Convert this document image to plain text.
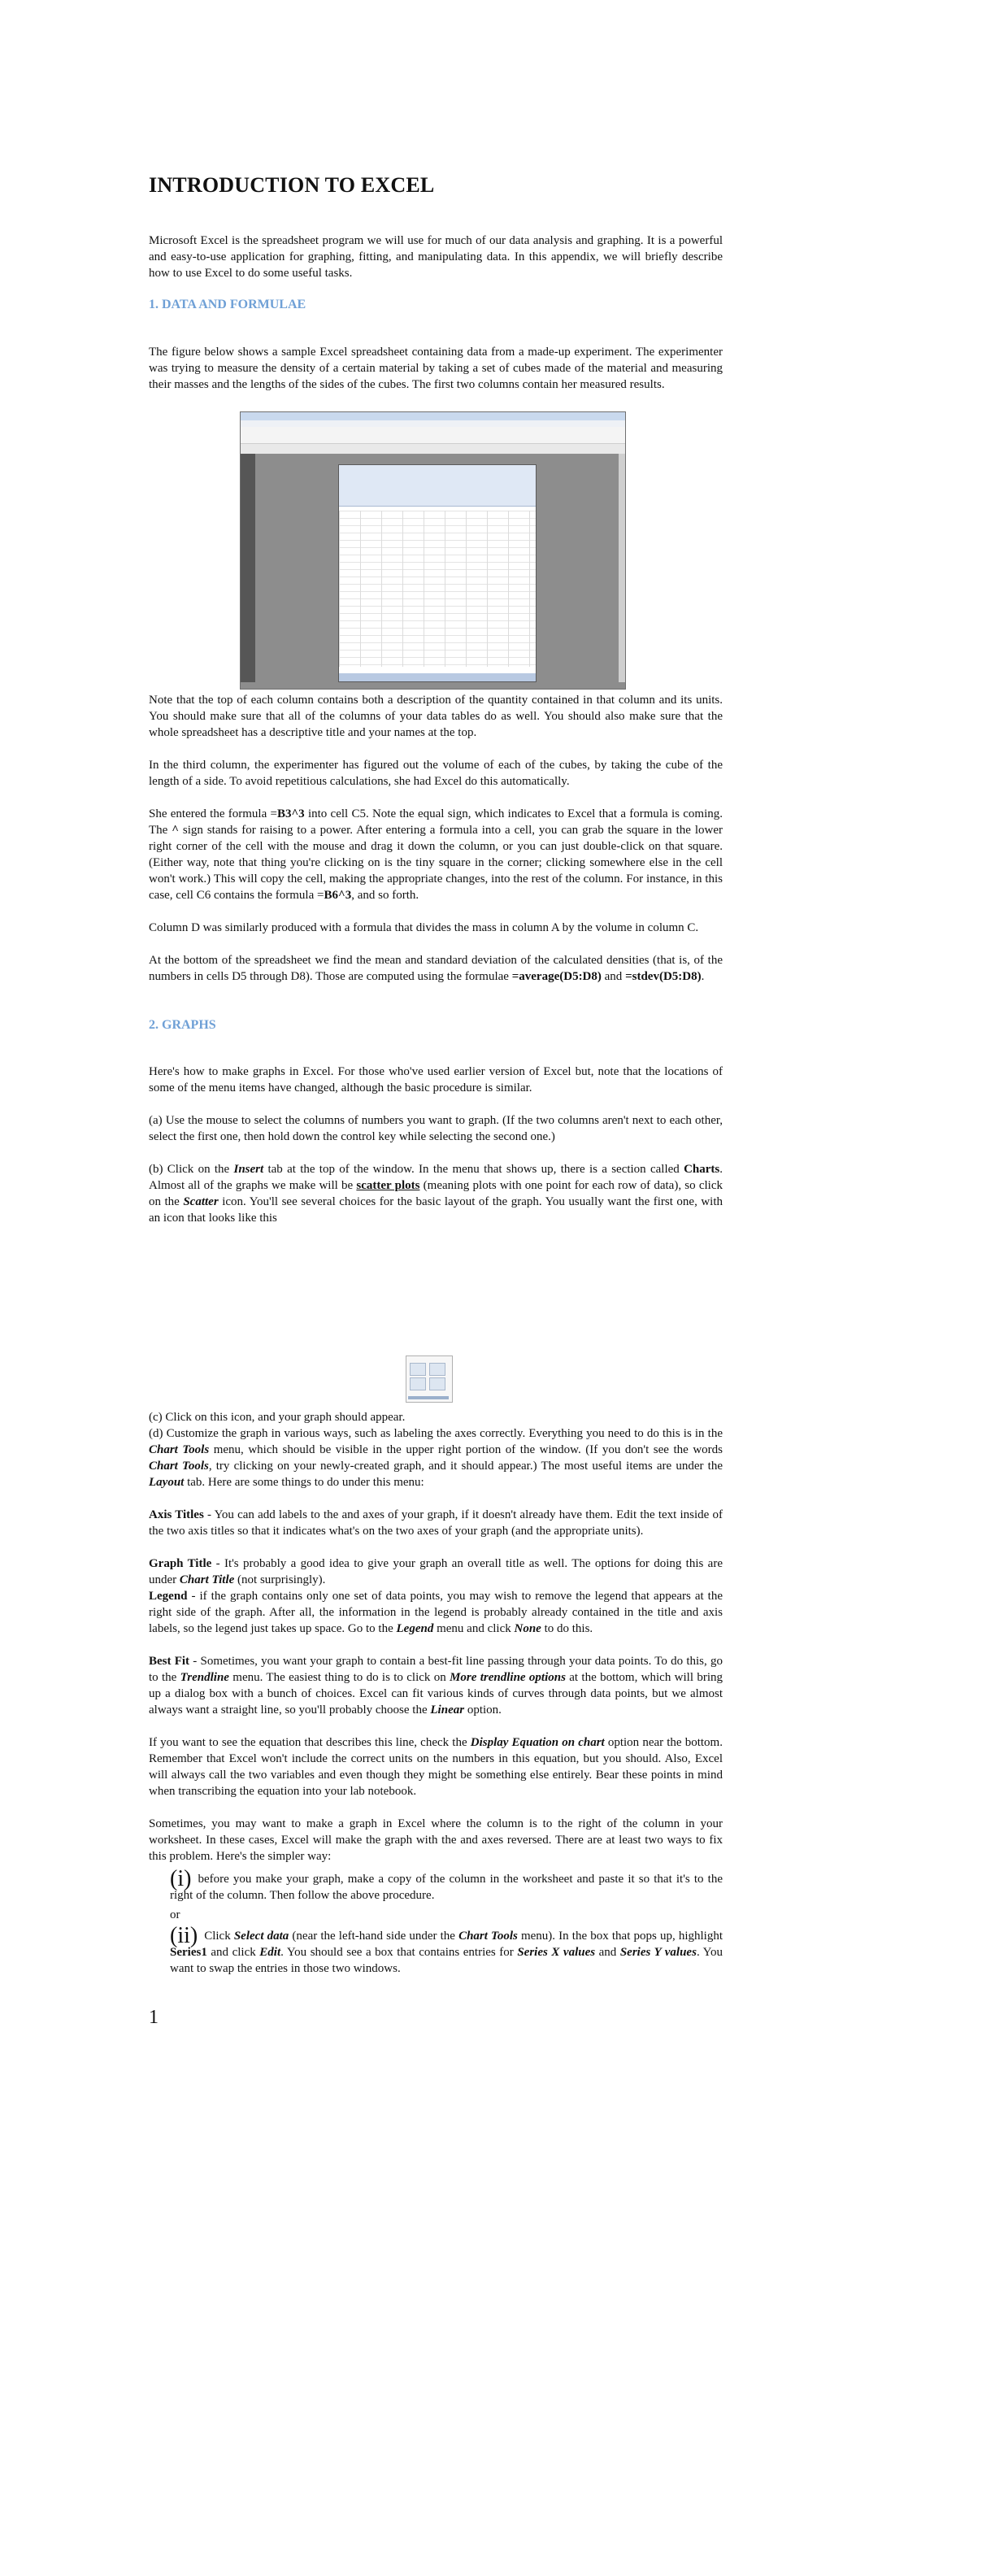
INTRODUCTION TO EXCEL
Microsoft Excel is the spreadsheet program we will use for much of our data analysis and graphing. It is a powerful and easy-to-use application for graphing, fitting, and manipulating data. In this appendix, we will briefly describe how to use Excel to do some useful tasks.
1. DATA AND FORMULAE
The figure below shows a sample Excel spreadsheet containing data from a made-up experiment. The experimenter was trying to measure the density of a certain material by taking a set of cubes made of the material and measuring their masses and the lengths of the sides of the cubes. The first two columns contain her measured results.
Note that the top of each column contains both a description of the quantity contained in that column and its units. You should make sure that all of the columns of your data tables do as well. You should also make sure that the whole spreadsheet has a descriptive title and your names at the top.
In the third column, the experimenter has figured out the volume of each of the cubes, by taking the cube of the length of a side. To avoid repetitious calculations, she had Excel do this automatically.
She entered the formula =B3^3 into cell C5. Note the equal sign, which indicates to Excel that a formula is coming. The ^ sign stands for raising to a power. After entering a formula into a cell, you can grab the square in the lower right corner of the cell with the mouse and drag it down the column, or you can just double-click on that square. (Either way, note that thing you're clicking on is the tiny square in the corner; clicking somewhere else in the cell won't work.) This will copy the cell, making the appropriate changes, into the rest of the column. For instance, in this case, cell C6 contains the formula =B6^3, and so forth.
Column D was similarly produced with a formula that divides the mass in column A by the volume in column C.
At the bottom of the spreadsheet we find the mean and standard deviation of the calculated densities (that is, of the numbers in cells D5 through D8). Those are computed using the formulae =average(D5:D8) and =stdev(D5:D8).
2. GRAPHS
Here's how to make graphs in Excel. For those who've used earlier version of Excel but, note that the locations of some of the menu items have changed, although the basic procedure is similar.
(a) Use the mouse to select the columns of numbers you want to graph. (If the two columns aren't next to each other, select the first one, then hold down the control key while selecting the second one.)
(b) Click on the Insert tab at the top of the window. In the menu that shows up, there is a section called Charts. Almost all of the graphs we make will be scatter plots (meaning plots with one point for each row of data), so click on the Scatter icon. You'll see several choices for the basic layout of the graph. You usually want the first one, with an icon that looks like this
(c) Click on this icon, and your graph should appear.
(d) Customize the graph in various ways, such as labeling the axes correctly. Everything you need to do this is in the Chart Tools menu, which should be visible in the upper right portion of the window. (If you don't see the words Chart Tools, try clicking on your newly-created graph, and it should appear.) The most useful items are under the Layout tab. Here are some things to do under this menu:
Axis Titles - You can add labels to the and axes of your graph, if it doesn't already have them. Edit the text inside of the two axis titles so that it indicates what's on the two axes of your graph (and the appropriate units).
Graph Title - It's probably a good idea to give your graph an overall title as well. The options for doing this are under Chart Title (not surprisingly).
Legend - if the graph contains only one set of data points, you may wish to remove the legend that appears at the right side of the graph. After all, the information in the legend is probably already contained in the title and axis labels, so the legend just takes up space. Go to the Legend menu and click None to do this.
Best Fit - Sometimes, you want your graph to contain a best-fit line passing through your data points. To do this, go to the Trendline menu. The easiest thing to do is to click on More trendline options at the bottom, which will bring up a dialog box with a bunch of choices. Excel can fit various kinds of curves through data points, but we almost always want a straight line, so you'll probably choose the Linear option.
If you want to see the equation that describes this line, check the Display Equation on chart option near the bottom. Remember that Excel won't include the correct units on the numbers in this equation, but you should. Also, Excel will always call the two variables and even though they might be something else entirely. Bear these points in mind when transcribing the equation into your lab notebook.
Sometimes, you may want to make a graph in Excel where the column is to the right of the column in your worksheet. In these cases, Excel will make the graph with the and axes reversed. There are at least two ways to fix this problem. Here's the simpler way:
(i) before you make your graph, make a copy of the column in the worksheet and paste it so that it's to the right of the column. Then follow the above procedure.
or
(ii) Click Select data (near the left-hand side under the Chart Tools menu). In the box that pops up, highlight Series1 and click Edit. You should see a box that contains entries for Series X values and Series Y values. You want to swap the entries in those two windows.
1
